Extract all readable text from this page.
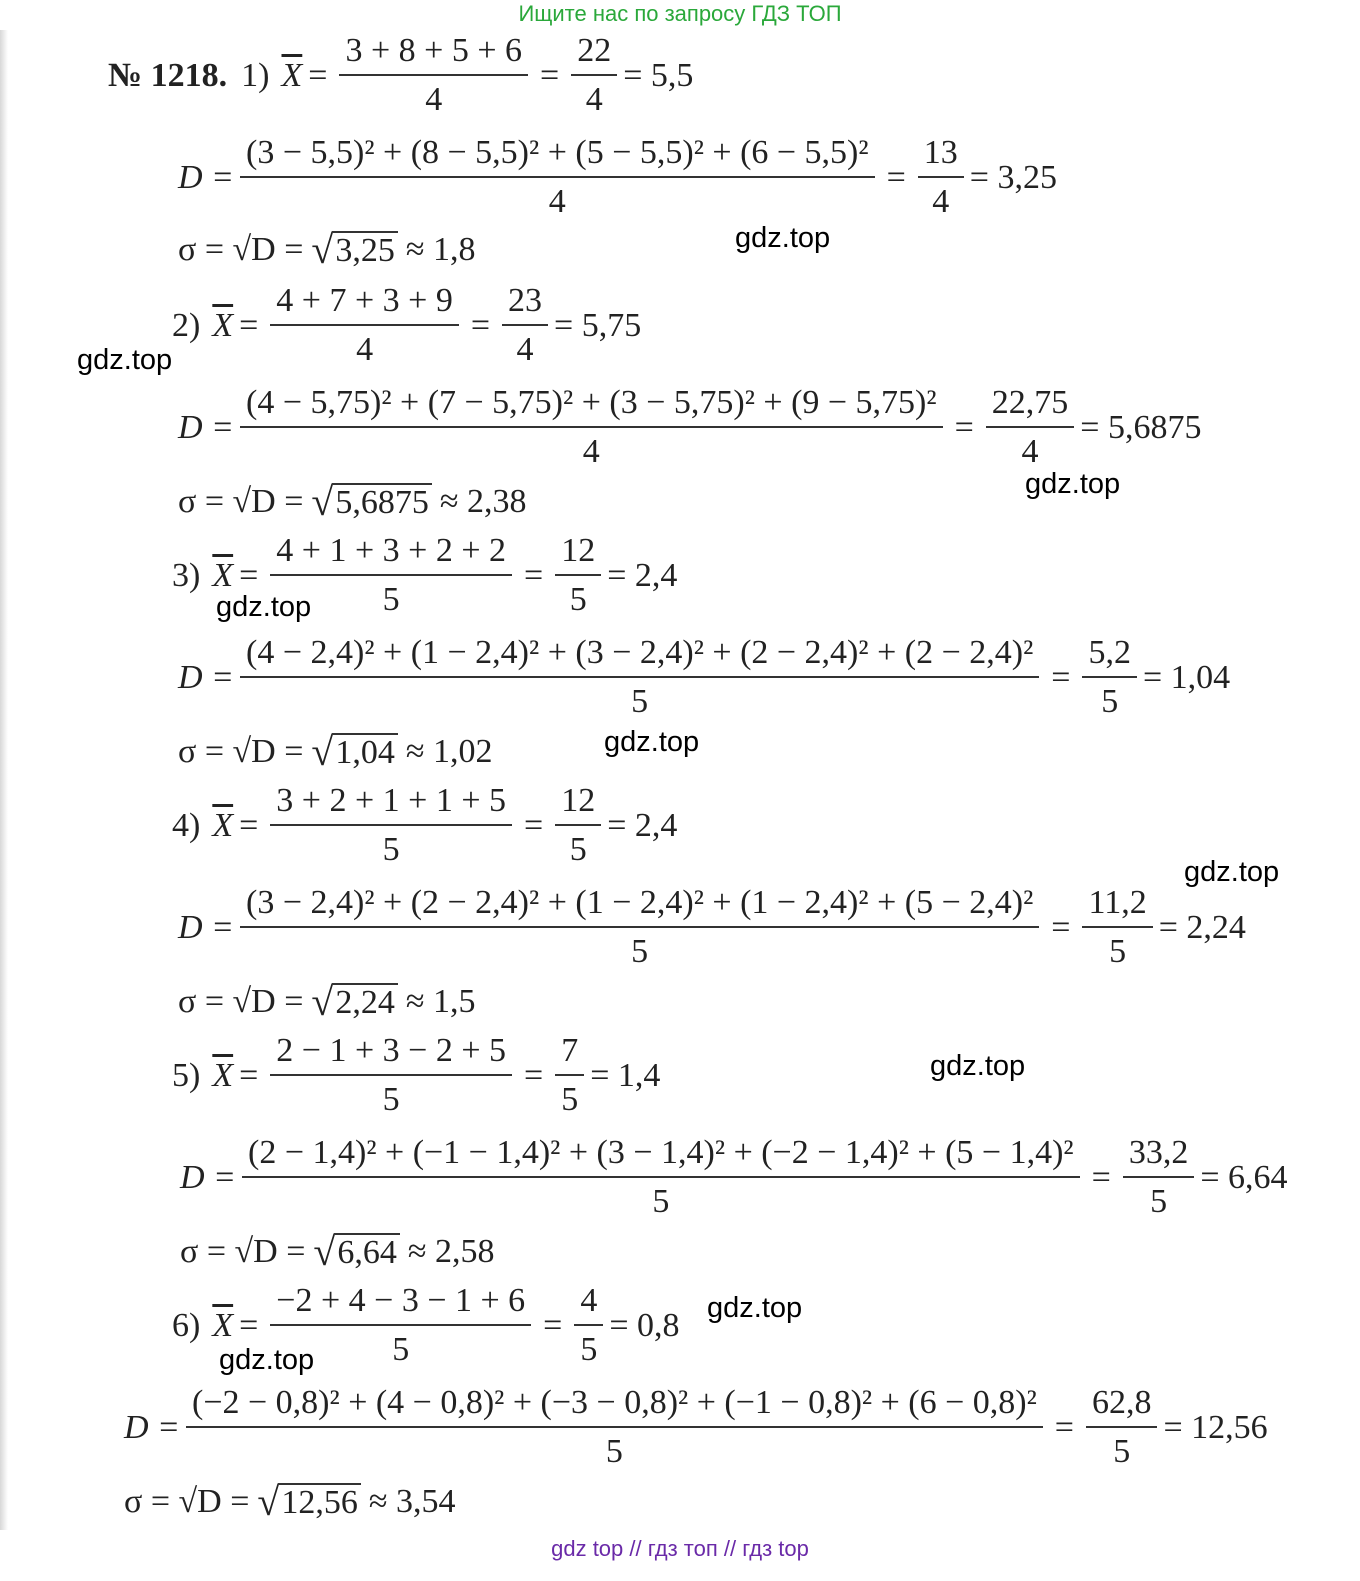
Ищите нас по запросу ГДЗ ТОП
№ 1218. 1) $\overline{X} = \frac{3 + 8 + 5 + 6}{4} = \frac{22}{4} = 5,5$
$D = \frac{\text{(3 − 5,5)² + (8 − 5,5)² + (5 − 5,5)² + (6 − 5,5)²}}{4} = \frac{13}{4} = 3,25$
σ = √D = √ 3,25 ≈ 1,8
2) $\overline{X} = \frac{4 + 7 + 3 + 9}{4} = \frac{23}{4} = 5,75$
$D = \frac{\text{(4 − 5,75)² + (7 − 5,75)² + (3 − 5,75)² + (9 − 5,75)²}}{4} = \frac{22,75}{4} = 5,6875$
σ = √D = √ 5,6875 ≈ 2,38
3) $\overline{X} = \frac{4 + 1 + 3 + 2 + 2}{5} = \frac{12}{5} = 2,4$
D =
(4 − 2,4)² + (1 − 2,4)² + (3 − 2,4)² + (2 − 2,4)² + (2 − 2,4)²
5
= $\frac{5,2}{5} = 1,04$
σ = √D = √ 1,04 ≈ 1,02
4) $\overline{X} = \frac{3 + 2 + 1 + 1 + 5}{5} = \frac{12}{5} = 2,4$
D =
(3 − 2,4)² + (2 − 2,4)² + (1 − 2,4)² + (1 − 2,4)² + (5 − 2,4)²
5
= $\frac{11,2}{5} = 2,24$
σ = √D = √ 2,24 ≈ 1,5
5) $\overline{X} = \frac{2 - 1 + 3 - 2 + 5}{5} = \frac{7}{5} = 1,4$
D =
(2 − 1,4)² + (−1 − 1,4)² + (3 − 1,4)² + (−2 − 1,4)² + (5 − 1,4)²
5
= $\frac{33,2}{5} = 6,64$
σ = √D = √ 6,64 ≈ 2,58
6) $\overline{X} = \frac{-2 + 4 - 3 - 1 + 6}{5} = \frac{4}{5} = 0,8$
D =
(−2 − 0,8)² + (4 − 0,8)² + (−3 − 0,8)² + (−1 − 0,8)² + (6 − 0,8)²
5
= $\frac{62,8}{5} = 12,56$
σ = √D = √ 12,56 ≈ 3,54
gdz.top
gdz.top
gdz.top
gdz.top
gdz.top
gdz.top
gdz.top
gdz.top
gdz.top
gdz top // гдз топ // гдз top
